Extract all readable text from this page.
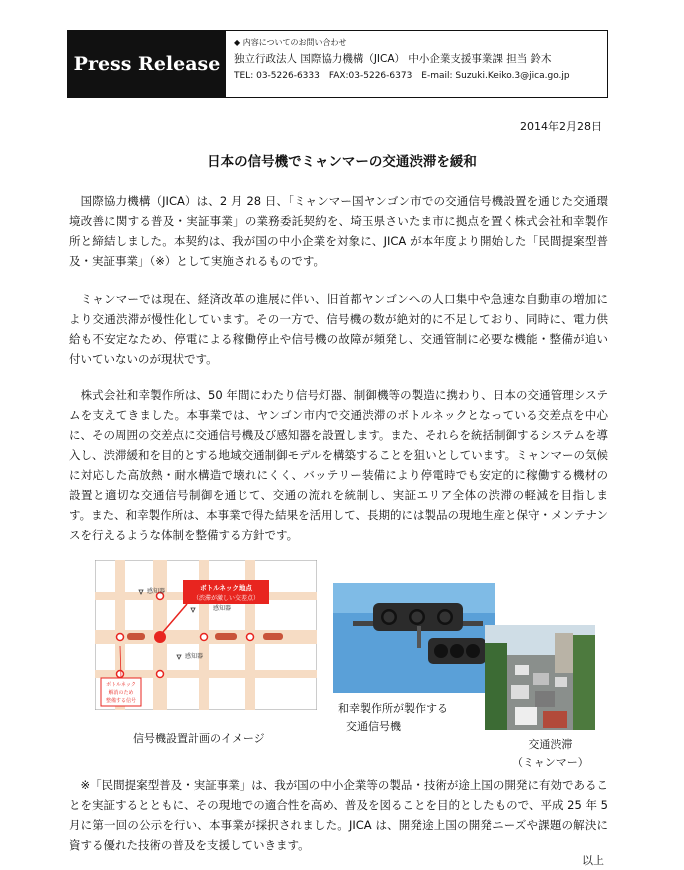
Press Release
◆ 内容についてのお問い合わせ
独立行政法人 国際協力機構（JICA） 中小企業支援事業課 担当 鈴木
TEL: 03-5226-6333　FAX:03-5226-6373　E-mail: Suzuki.Keiko.3@jica.go.jp
2014年2月28日
日本の信号機でミャンマーの交通渋滞を緩和

　国際協力機構（JICA）は、2 月 28 日、「ミャンマー国ヤンゴン市での交通信号機設置を通じた交通環境改善に関する普及・実証事業」の業務委託契約を、埼玉県さいたま市に拠点を置く株式会社和幸製作所と締結しました。本契約は、我が国の中小企業を対象に、JICA が本年度より開始した「民間提案型普及・実証事業」（※）として実施されるものです。

　ミャンマーでは現在、経済改革の進展に伴い、旧首都ヤンゴンへの人口集中や急速な自動車の増加により交通渋滞が慢性化しています。その一方で、信号機の数が絶対的に不足しており、同時に、電力供給も不安定なため、停電による稼働停止や信号機の故障が頻発し、交通管制に必要な機能・整備が追い付いていないのが現状です。

　株式会社和幸製作所は、50 年間にわたり信号灯器、制御機等の製造に携わり、日本の交通管理システムを支えてきました。本事業では、ヤンゴン市内で交通渋滞のボトルネックとなっている交差点を中心に、その周囲の交差点に交通信号機及び感知器を設置します。また、それらを統括制御するシステムを導入し、渋滞緩和を目的とする地域交通制御モデルを構築することを狙いとしています。ミャンマーの気候に対応した高放熱・耐水構造で壊れにくく、バッテリー装備により停電時でも安定的に稼働する機材の設置と適切な交通信号制御を通じて、交通の流れを統制し、実証エリア全体の渋滞の軽減を目指します。また、和幸製作所は、本事業で得た結果を活用して、長期的には製品の現地生産と保守・メンテナンスを行えるような体制を整備する方針です。

感知器
感知器
感知器
ボトルネック地点
（渋滞が激しい交差点）
ボトルネック
解消のため
整備する信号
信号機設置計画のイメージ
和幸製作所が製作する
交通信号機
交通渋滞
（ミャンマー）

　※「民間提案型普及・実証事業」は、我が国の中小企業等の製品・技術が途上国の開発に有効であることを実証するとともに、その現地での適合性を高め、普及を図ることを目的としたもので、平成 25 年 5 月に第一回の公示を行い、本事業が採択されました。JICA は、開発途上国の開発ニーズや課題の解決に資する優れた技術の普及を支援していきます。

以上
